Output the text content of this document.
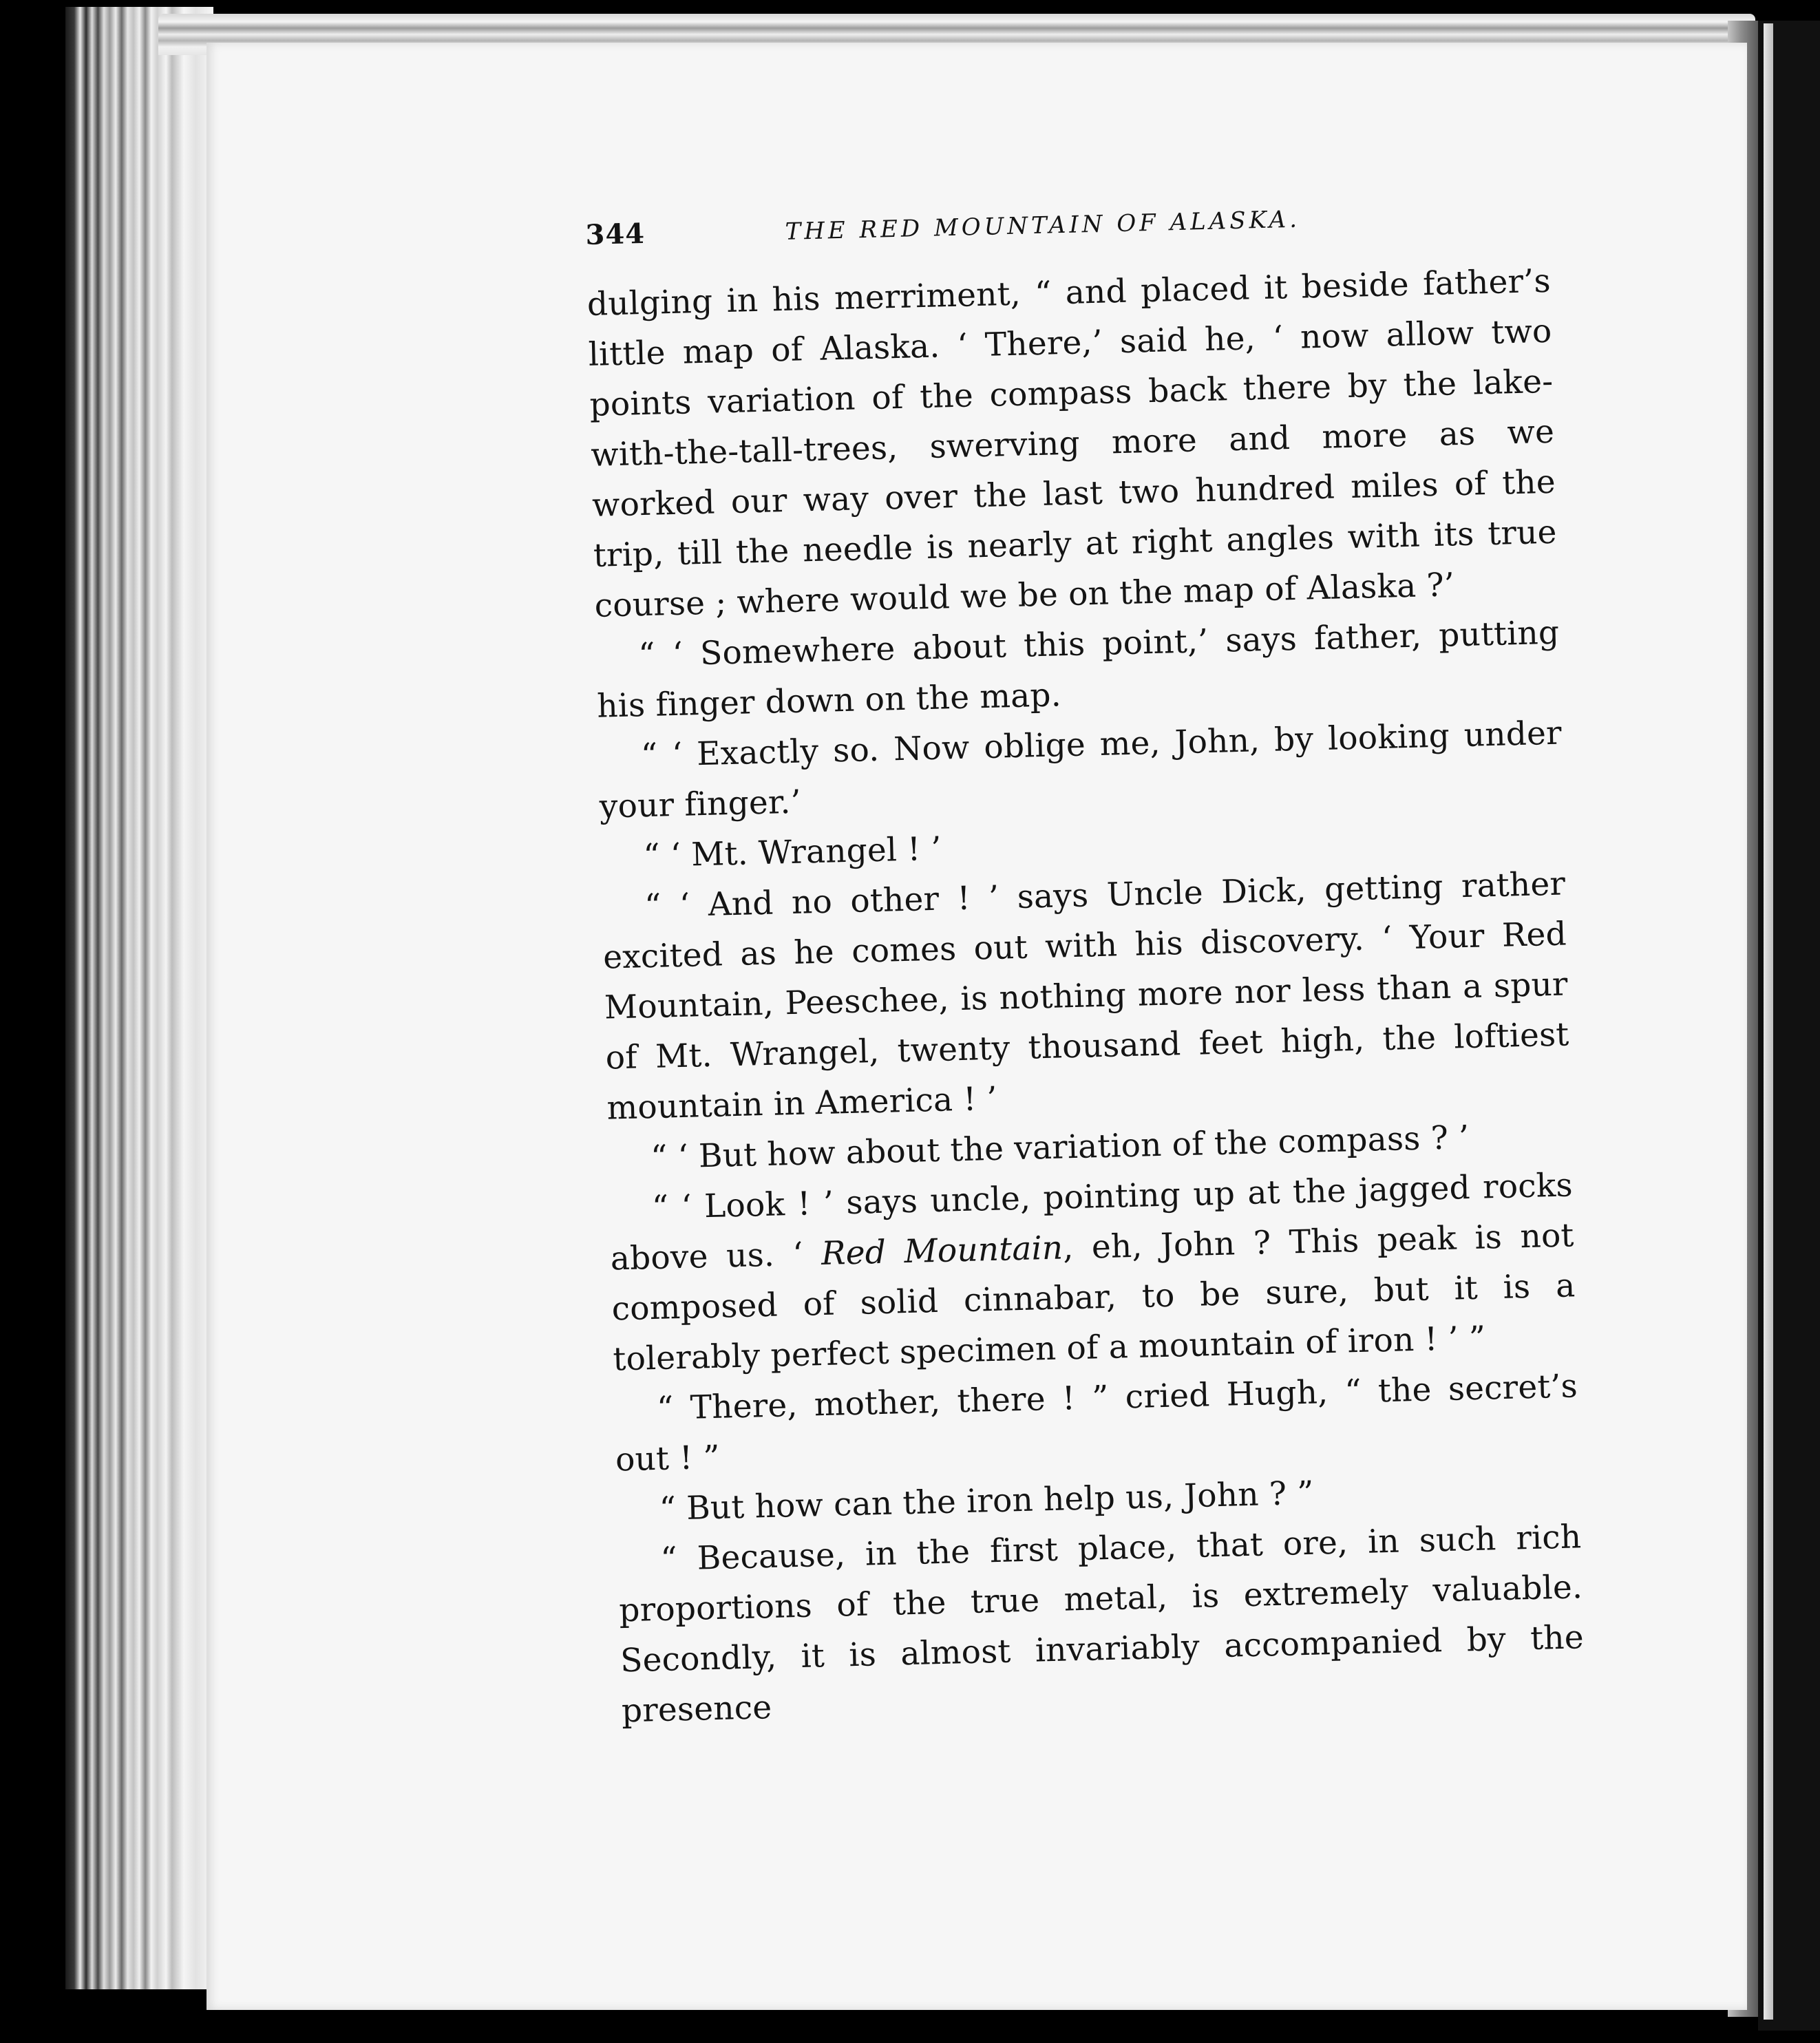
344	THE RED MOUNTAIN OF ALASKA.

dulging in his merriment, “ and placed it beside father’s little map of Alaska. ‘ There,’ said he, ‘ now allow two points variation of the compass back there by the lake-with-the-tall-trees, swerving more and more as we worked our way over the last two hundred miles of the trip, till the needle is nearly at right angles with its true course ; where would we be on the map of Alaska ?’

“ ‘ Somewhere about this point,’ says father, putting his finger down on the map.

“ ‘ Exactly so. Now oblige me, John, by looking under your finger.’

“ ‘ Mt. Wrangel ! ’

“ ‘ And no other ! ’ says Uncle Dick, getting rather excited as he comes out with his discovery. ‘ Your Red Mountain, Peeschee, is nothing more nor less than a spur of Mt. Wrangel, twenty thousand feet high, the loftiest mountain in America ! ’

“ ‘ But how about the variation of the compass ? ’

“ ‘ Look ! ’ says uncle, pointing up at the jagged rocks above us. ‘ Red Mountain, eh, John ? This peak is not composed of solid cinnabar, to be sure, but it is a tolerably perfect specimen of a mountain of iron ! ’ ”

“ There, mother, there ! ” cried Hugh, “ the secret’s out ! ”

“ But how can the iron help us, John ? ”

“ Because, in the first place, that ore, in such rich proportions of the true metal, is extremely valuable. Secondly, it is almost invariably accompanied by the presence
